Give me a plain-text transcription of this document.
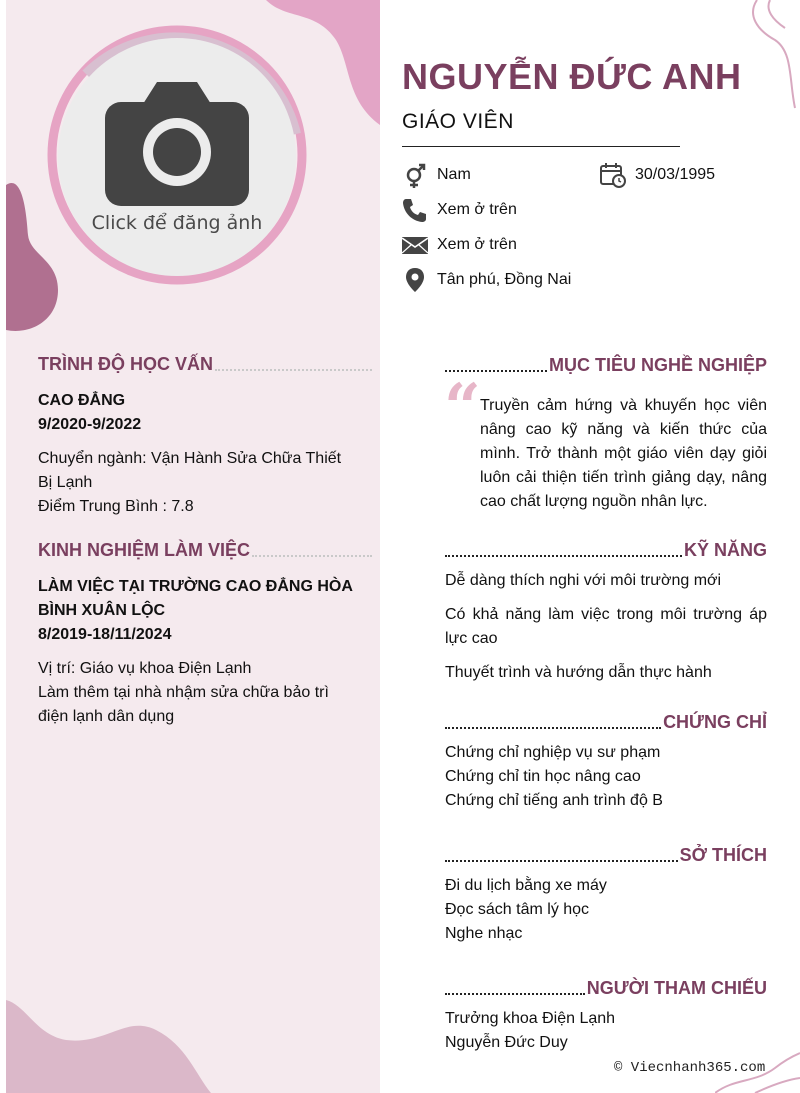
Click để đăng ảnh
NGUYỄN ĐỨC ANH
GIÁO VIÊN
Nam	30/03/1995
Xem ở trên
Xem ở trên
Tân phú, Đồng Nai
TRÌNH ĐỘ HỌC VẤN
CAO ĐẲNG
9/2020-9/2022
Chuyển ngành: Vận Hành Sửa Chữa Thiết Bị Lạnh
Điểm Trung Bình : 7.8
KINH NGHIỆM LÀM VIỆC
LÀM VIỆC TẠI TRƯỜNG CAO ĐẲNG HÒA
BÌNH XUÂN LỘC
8/2019-18/11/2024
Vị trí: Giáo vụ khoa Điện Lạnh
Làm thêm tại nhà nhậm sửa chữa bảo trì điện lạnh dân dụng
MỤC TIÊU NGHỀ NGHIỆP
“ Truyền cảm hứng và khuyến học viên nâng cao kỹ năng và kiến thức của mình. Trở thành một giáo viên dạy giỏi luôn cải thiện tiến trình giảng dạy, nâng cao chất lượng nguồn nhân lực.
KỸ NĂNG
Dễ dàng thích nghi với môi trường mới
Có khả năng làm việc trong môi trường áp lực cao
Thuyết trình và hướng dẫn thực hành
CHỨNG CHỈ
Chứng chỉ nghiệp vụ sư phạm
Chứng chỉ tin học nâng cao
Chứng chỉ tiếng anh trình độ B
SỞ THÍCH
Đi du lịch bằng xe máy
Đọc sách tâm lý học
Nghe nhạc
NGƯỜI THAM CHIẾU
Trưởng khoa Điện Lạnh
Nguyễn Đức Duy
© Viecnhanh365.com
